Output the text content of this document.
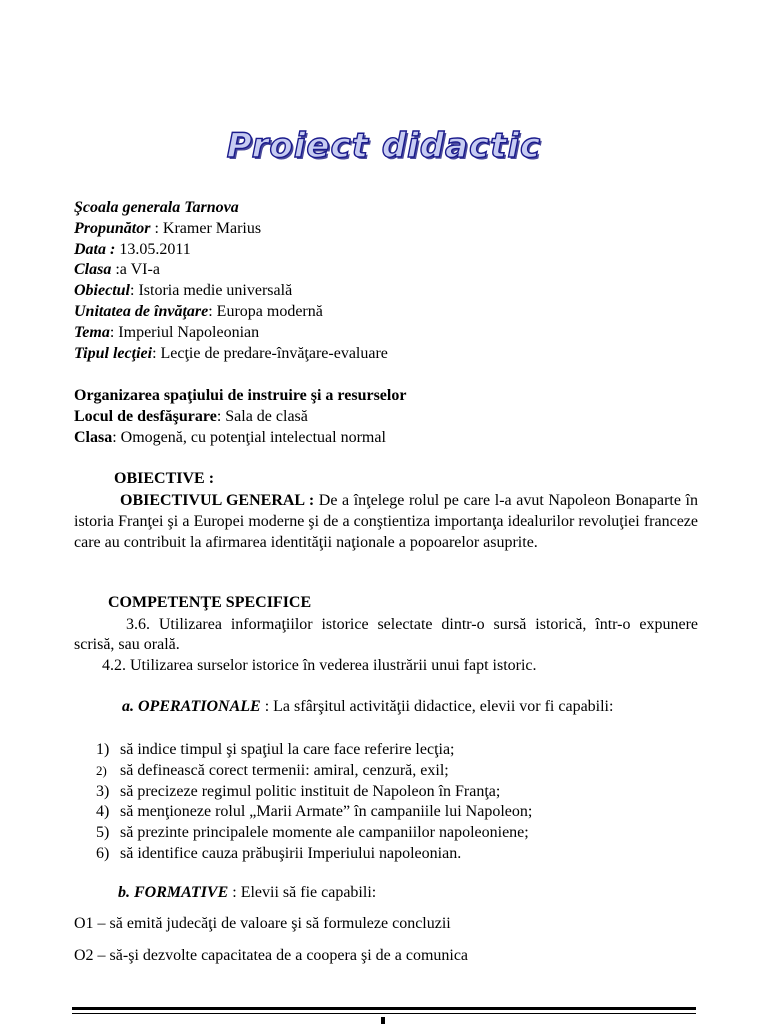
Proiect didactic
Şcoala generala Tarnova
Propunător : Kramer Marius
Data : 13.05.2011
Clasa :a VI-a
Obiectul: Istoria medie universală
Unitatea de învăţare: Europa modernă
Tema: Imperiul Napoleonian
Tipul lecţiei: Lecţie de predare-învăţare-evaluare
Organizarea spaţiului de instruire şi a resurselor
Locul de desfăşurare: Sala de clasă
Clasa: Omogenă, cu potenţial intelectual normal
OBIECTIVE :
OBIECTIVUL GENERAL : De a înţelege rolul pe care l-a avut Napoleon Bonaparte în istoria Franţei şi a Europei moderne şi de a conştientiza importanţa idealurilor revoluţiei franceze care au contribuit la afirmarea identităţii naţionale a popoarelor asuprite.
COMPETENŢE SPECIFICE
3.6. Utilizarea informaţiilor istorice selectate dintr-o sursă istorică, într-o expunere scrisă, sau orală.
4.2. Utilizarea surselor istorice în vederea ilustrării unui fapt istoric.
a. OPERATIONALE : La sfârşitul activităţii didactice, elevii vor fi capabili:
1) să indice timpul şi spaţiul la care face referire lecţia;
2) să definească corect termenii: amiral, cenzură, exil;
3) să precizeze regimul politic instituit de Napoleon în Franţa;
4) să menţioneze rolul „Marii Armate” în campaniile lui Napoleon;
5) să prezinte principalele momente ale campaniilor napoleoniene;
6) să identifice cauza prăbuşirii Imperiului napoleonian.
b. FORMATIVE : Elevii să fie capabili:
O1 – să emită judecăţi de valoare şi să formuleze concluzii
O2 – să-şi dezvolte capacitatea de a coopera şi de a comunica
